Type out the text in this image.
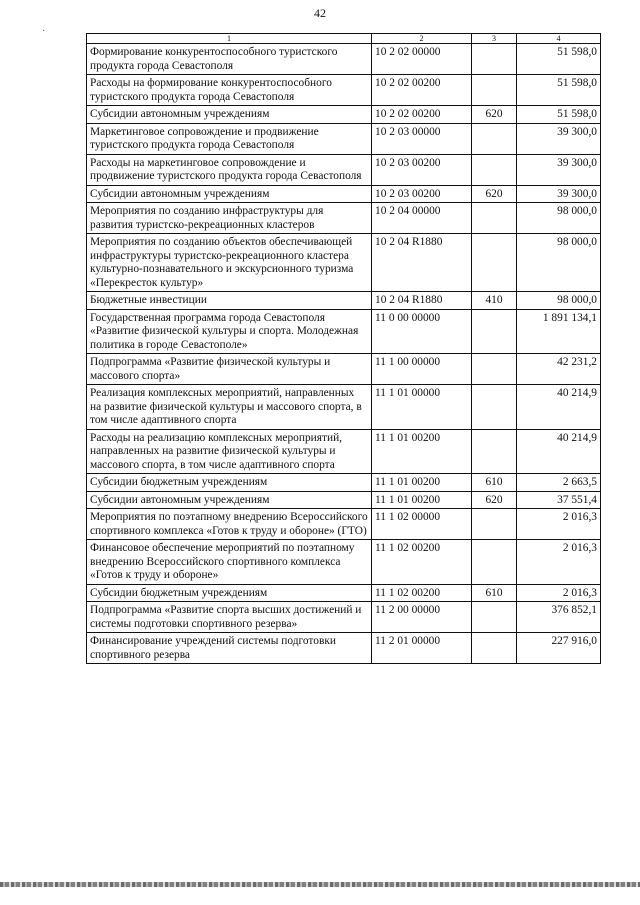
42
·
1	2	3	4
Формирование конкурентоспособного туристского продукта города Севастополя	10 2 02 00000		51 598,0
Расходы на формирование конкурентоспособного туристского продукта города Севастополя	10 2 02 00200		51 598,0
Субсидии автономным учреждениям	10 2 02 00200	620	51 598,0
Маркетинговое сопровождение и продвижение туристского продукта города Севастополя	10 2 03 00000		39 300,0
Расходы на маркетинговое сопровождение и продвижение туристского продукта города Севастополя	10 2 03 00200		39 300,0
Субсидии автономным учреждениям	10 2 03 00200	620	39 300,0
Мероприятия по созданию инфраструктуры для развития туристско-рекреационных кластеров	10 2 04 00000		98 000,0
Мероприятия по созданию объектов обеспечивающей инфраструктуры туристско-рекреационного кластера культурно-познавательного и экскурсионного туризма «Перекресток культур»	10 2 04 R1880		98 000,0
Бюджетные инвестиции	10 2 04 R1880	410	98 000,0
Государственная программа города Севастополя «Развитие физической культуры и спорта. Молодежная политика в городе Севастополе»	11 0 00 00000		1 891 134,1
Подпрограмма «Развитие физической культуры и массового спорта»	11 1 00 00000		42 231,2
Реализация комплексных мероприятий, направленных на развитие физической культуры и массового спорта, в том числе адаптивного спорта	11 1 01 00000		40 214,9
Расходы на реализацию комплексных мероприятий, направленных на развитие физической культуры и массового спорта, в том числе адаптивного спорта	11 1 01 00200		40 214,9
Субсидии бюджетным учреждениям	11 1 01 00200	610	2 663,5
Субсидии автономным учреждениям	11 1 01 00200	620	37 551,4
Мероприятия по поэтапному внедрению Всероссийского спортивного комплекса «Готов к труду и обороне» (ГТО)	11 1 02 00000		2 016,3
Финансовое обеспечение мероприятий по поэтапному внедрению Всероссийского спортивного комплекса «Готов к труду и обороне»	11 1 02 00200		2 016,3
Субсидии бюджетным учреждениям	11 1 02 00200	610	2 016,3
Подпрограмма «Развитие спорта высших достижений и системы подготовки спортивного резерва»	11 2 00 00000		376 852,1
Финансирование учреждений системы подготовки спортивного резерва	11 2 01 00000		227 916,0
